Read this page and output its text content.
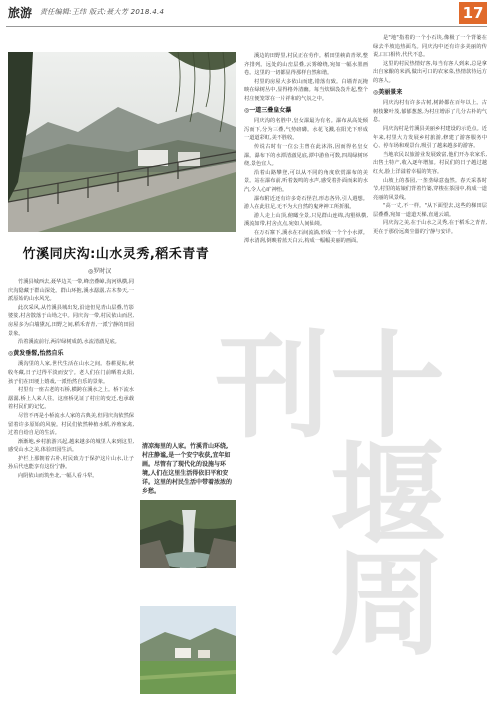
旅游 责任编辑:王纬 版式:聂大芳 2018.4.4	17
竹溪同庆沟:山水灵秀,稻禾青青
◎罗时汉

竹溪县城西去,聂华边关一带,峰峦叠嶂,沟河纵横,同庆沟隐藏于群山深处。群山环抱,溪水潺潺,古木参天,一派原始的山水风光。

此次采风,从竹溪县城出发,沿途但见青山层叠,竹影婆娑,村舍散落于山坳之中。同庆沟一带,村民依山而居,房屋多为白墙黛瓦,田野之间,稻禾青青,一派宁静的田园景象。

沿着溪流前行,两岸绿树成荫,水流清澈见底。

◎黄发垂髫,怡然自乐

溪沟里的人家,世代生活在山水之间。春耕夏耘,秋收冬藏,日子过得平淡而安宁。老人们在门前晒着太阳,孩子们在田埂上嬉戏,一派怡然自乐的景象。

村里有一座古老的石桥,横跨在溪水之上。桥下流水潺潺,桥上人来人往。这座桥见证了村庄的变迁,也承载着村民们的记忆。

尽管不再是小桥流水人家的古典美,但同庆沟依然保留着许多原始的风貌。村民们依然种植水稻,养殖家禽,过着自给自足的生活。

渐渐地,乡村旅游兴起,越来越多的城里人来到这里,感受山水之美,体验田园生活。

护栏上那朝着古朴,村民致力于保护这片山水,让子孙后代也能享有这份宁静。

向阴依山而筑坐北,一幅人看斗犁。

清凉海里的人家。竹溪青山环绕,村庄静谧,是一个安宁收获,宜年如画。尽管有了现代化的设施与环境,人们在这里生活得依旧平和安详。这里的村民生活中带着浓浓的乡愁。

溪边的田野里,村民正在劳作。稻田里秧苗青翠,整齐排列。远处的山峦层叠,云雾缭绕,宛如一幅水墨画卷。这里的一切都显得那样自然和谐。

村里的房屋大多依山而建,错落有致。白墙青瓦掩映在绿树丛中,显得格外清幽。每当炊烟袅袅升起,整个村庄便笼罩在一片祥和的气氛之中。

◎一道三叠皇女瀑

同庆沟的名胜中,皇女瀑最为有名。瀑布从高处倾泻而下,分为三叠,气势磅礴。水花飞溅,在阳光下形成一道道彩虹,美不胜收。

传说古时有一位公主曾在此沐浴,因而得名皇女瀑。瀑布下的水潭清澈见底,潭中游鱼可数,四周绿树环绕,景色宜人。

沿着山路攀登,可以从不同的角度欣赏瀑布的美景。站在瀑布前,听着轰鸣的水声,感受着扑面而来的水汽,令人心旷神怡。

瀑布附近还有许多奇石怪岩,形态各异,引人遐想。游人在此驻足,无不为大自然的鬼斧神工所折服。

游人走上山顶,俯瞰全景,只见群山连绵,沟壑纵横,溪流如带,村舍点点,宛如人间仙境。

在万石寨下,溪水在石间流淌,形成一个个小水潭。潭水清冽,倒映着蓝天白云,构成一幅幅美丽的画面。

是"地"指着的一个小石块,像极了一个背篓在绿去半坡追热面鸟。同庆沟中还有许多美丽的传说,口口相传,代代不息。

这里的村民热情好客,每当有客人到来,总是拿出自家酿的米酒,做出可口的农家菜,热情款待远方的客人。

◎美丽景来

同庆沟村有许多古树,树龄都在百年以上。古树枝繁叶茂,郁郁葱葱,为村庄增添了几分古朴的气息。

同庆沟村是竹溪县美丽乡村建设的示范点。近年来,村里大力发展乡村旅游,修建了游客服务中心、停车场和观景台,吸引了越来越多的游客。

当地农民以旅游业发展致富,他们开办农家乐,出售土特产,收入逐年增加。村民们的日子越过越红火,脸上洋溢着幸福的笑容。

山坡上的茶园,一垄垄绿意盎然。春天采茶时节,村里的姑娘们背着竹篓,穿梭在茶园中,构成一道亮丽的风景线。

"高一丈,不一样。"从下面望去,这些的梯田层层叠叠,宛如一道道天梯,直通云端。

同庆沟之美,在于山水之灵秀,在于稻禾之青青,更在于那份远离尘嚣的宁静与安详。

十堰周刊
